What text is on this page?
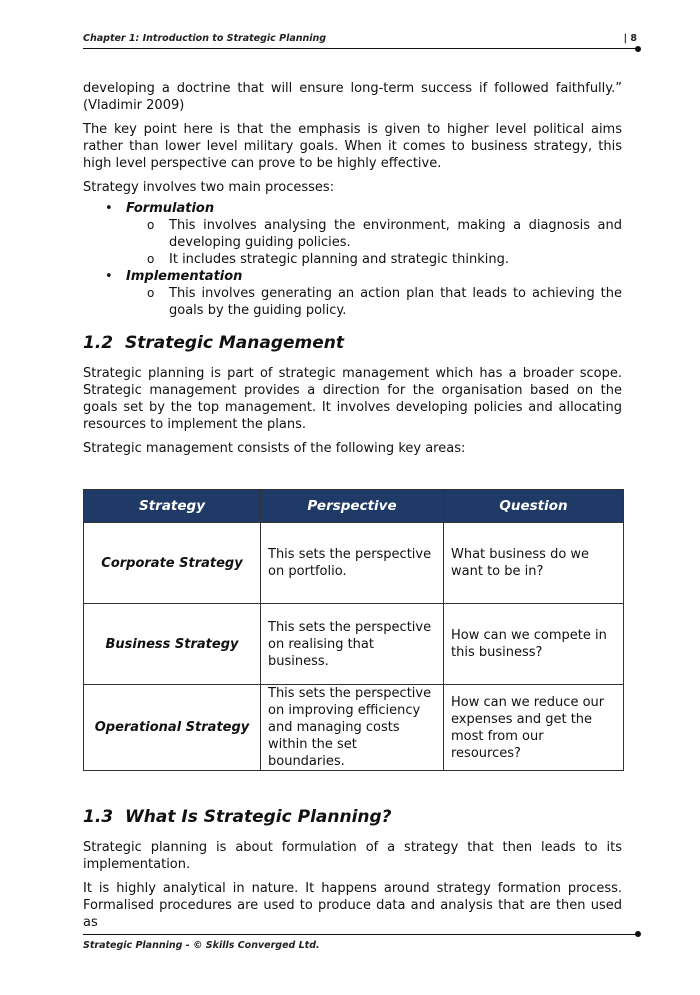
Chapter 1: Introduction to Strategic Planning	| 8

developing a doctrine that will ensure long-term success if followed faithfully.” (Vladimir 2009)

The key point here is that the emphasis is given to higher level political aims rather than lower level military goals. When it comes to business strategy, this high level perspective can prove to be highly effective.

Strategy involves two main processes:

• Formulation
o This involves analysing the environment, making a diagnosis and developing guiding policies.
o It includes strategic planning and strategic thinking.
• Implementation
o This involves generating an action plan that leads to achieving the goals by the guiding policy.
1.2 Strategic Management

Strategic planning is part of strategic management which has a broader scope. Strategic management provides a direction for the organisation based on the goals set by the top management. It involves developing policies and allocating resources to implement the plans.

Strategic management consists of the following key areas:

Strategy	Perspective	Question
Corporate Strategy	This sets the perspective on portfolio.	What business do we want to be in?
Business Strategy	This sets the perspective on realising that business.	How can we compete in this business?
Operational Strategy	This sets the perspective on improving efficiency and managing costs within the set boundaries.	How can we reduce our expenses and get the most from our resources?
1.3 What Is Strategic Planning?

Strategic planning is about formulation of a strategy that then leads to its implementation.

It is highly analytical in nature. It happens around strategy formation process. Formalised procedures are used to produce data and analysis that are then used as

Strategic Planning - © Skills Converged Ltd.
